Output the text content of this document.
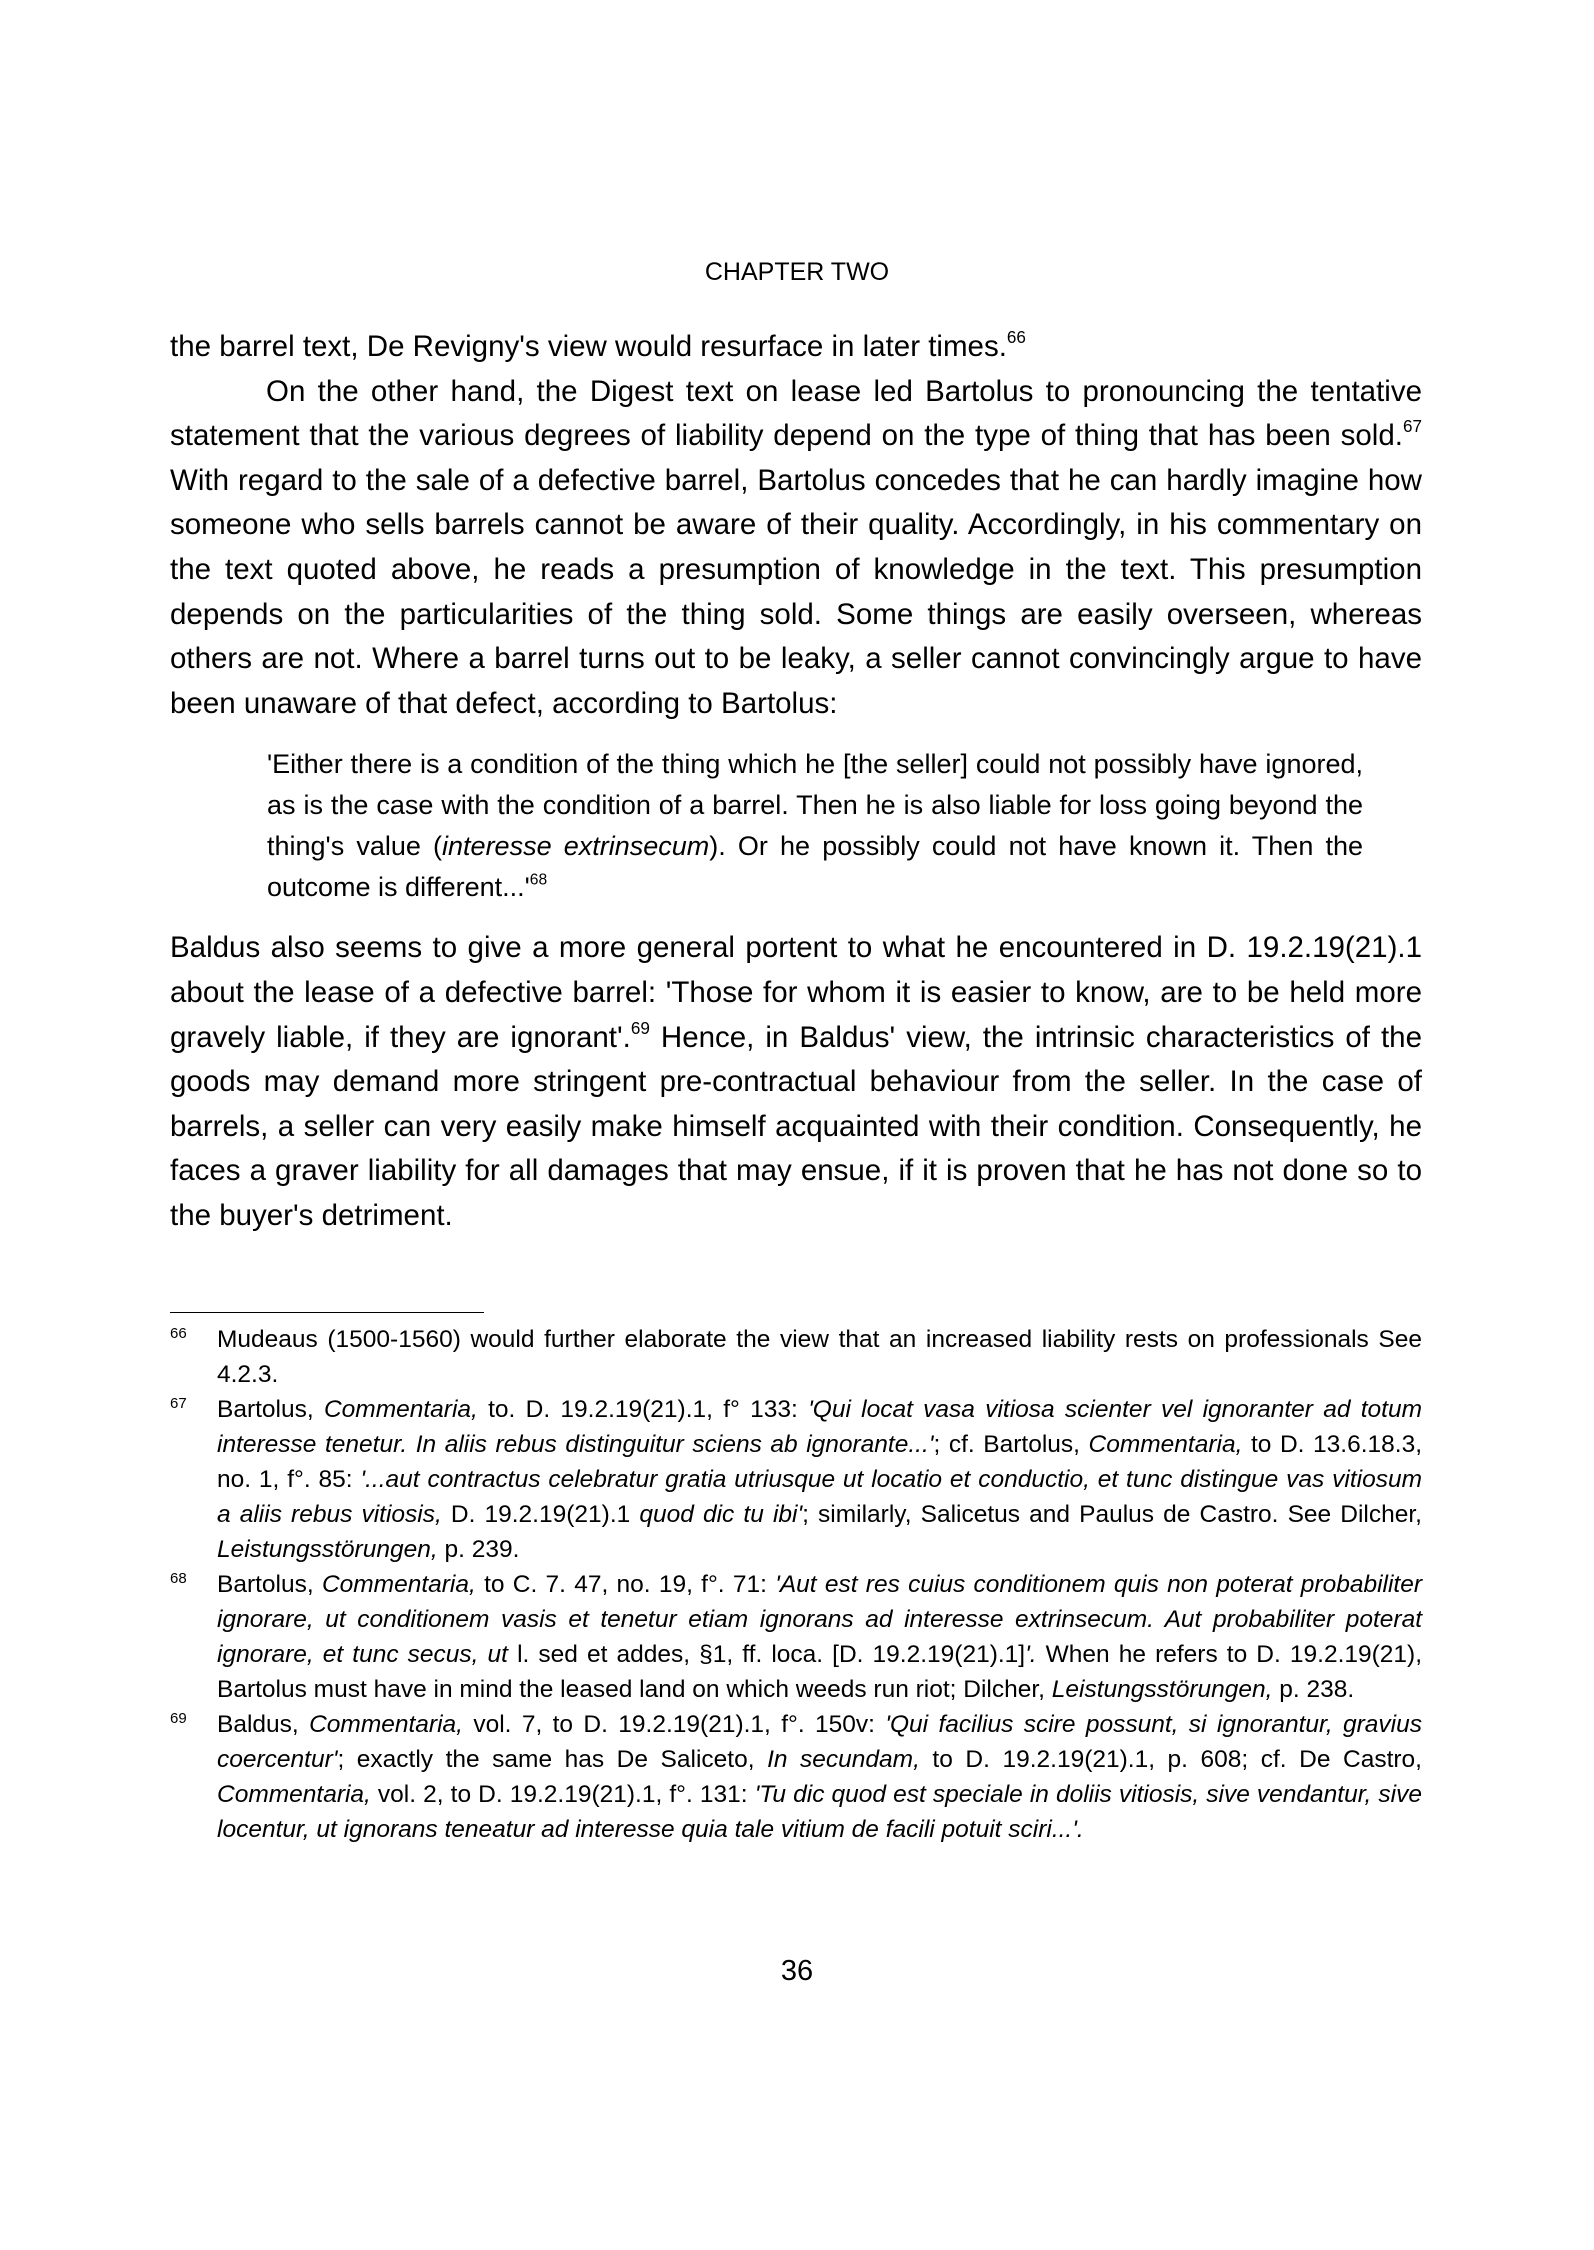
CHAPTER TWO

the barrel text, De Revigny's view would resurface in later times.$^{66}$

On the other hand, the Digest text on lease led Bartolus to pronouncing the tentative statement that the various degrees of liability depend on the type of thing that has been sold.$^{67}$ With regard to the sale of a defective barrel, Bartolus concedes that he can hardly imagine how someone who sells barrels cannot be aware of their quality. Accordingly, in his commentary on the text quoted above, he reads a presumption of knowledge in the text. This presumption depends on the particularities of the thing sold. Some things are easily overseen, whereas others are not. Where a barrel turns out to be leaky, a seller cannot convincingly argue to have been unaware of that defect, according to Bartolus:

'Either there is a condition of the thing which he [the seller] could not possibly have ignored, as is the case with the condition of a barrel. Then he is also liable for loss going beyond the thing's value (interesse extrinsecum). Or he possibly could not have known it. Then the outcome is $different...'^{68}$

Baldus also seems to give a more general portent to what he encountered in D. 19.2.19(21).1 about the lease of a defective barrel: 'Those for whom it is easier to know, are to be held more gravely liable, if they are ignorant'.$^{69}$ Hence, in Baldus' view, the intrinsic characteristics of the goods may demand more stringent pre-contractual behaviour from the seller. In the case of barrels, a seller can very easily make himself acquainted with their condition. Consequently, he faces a graver liability for all damages that may ensue, if it is proven that he has not done so to the buyer's detriment.

66 Mudeaus (1500-1560) would further elaborate the view that an increased liability rests on professionals See 4.2.3.
67 Bartolus, Commentaria, to. D. 19.2.19(21).1, f° 133: 'Qui locat vasa vitiosa scienter vel ignoranter ad totum interesse tenetur. In aliis rebus distinguitur sciens ab ignorante...'; cf. Bartolus, Commentaria, to D. 13.6.18.3, no. 1, f°. 85: '...aut contractus celebratur gratia utriusque ut locatio et conductio, et tunc distingue vas vitiosum a aliis rebus vitiosis, D. 19.2.19(21).1 quod dic tu ibi'; similarly, Salicetus and Paulus de Castro. See Dilcher, Leistungsstörungen, p. 239.
68 Bartolus, Commentaria, to C. 7. 47, no. 19, f°. 71: 'Aut est res cuius conditionem quis non poterat probabiliter ignorare, ut conditionem vasis et tenetur etiam ignorans ad interesse extrinsecum. Aut probabiliter poterat ignorare, et tunc secus, ut l. sed et addes, §1, ff. loca. [D. 19.2.19(21).1]'. When he refers to D. 19.2.19(21), Bartolus must have in mind the leased land on which weeds run riot; Dilcher, Leistungsstörungen, p. 238.
69 Baldus, Commentaria, vol. 7, to D. 19.2.19(21).1, f°. 150v: 'Qui facilius scire possunt, si ignorantur, gravius coercentur'; exactly the same has De Saliceto, In secundam, to D. 19.2.19(21).1, p. 608; cf. De Castro, Commentaria, vol. 2, to D. 19.2.19(21).1, f°. 131: 'Tu dic quod est speciale in doliis vitiosis, sive vendantur, sive locentur, ut ignorans teneatur ad interesse quia tale vitium de facili potuit sciri...'.
36
